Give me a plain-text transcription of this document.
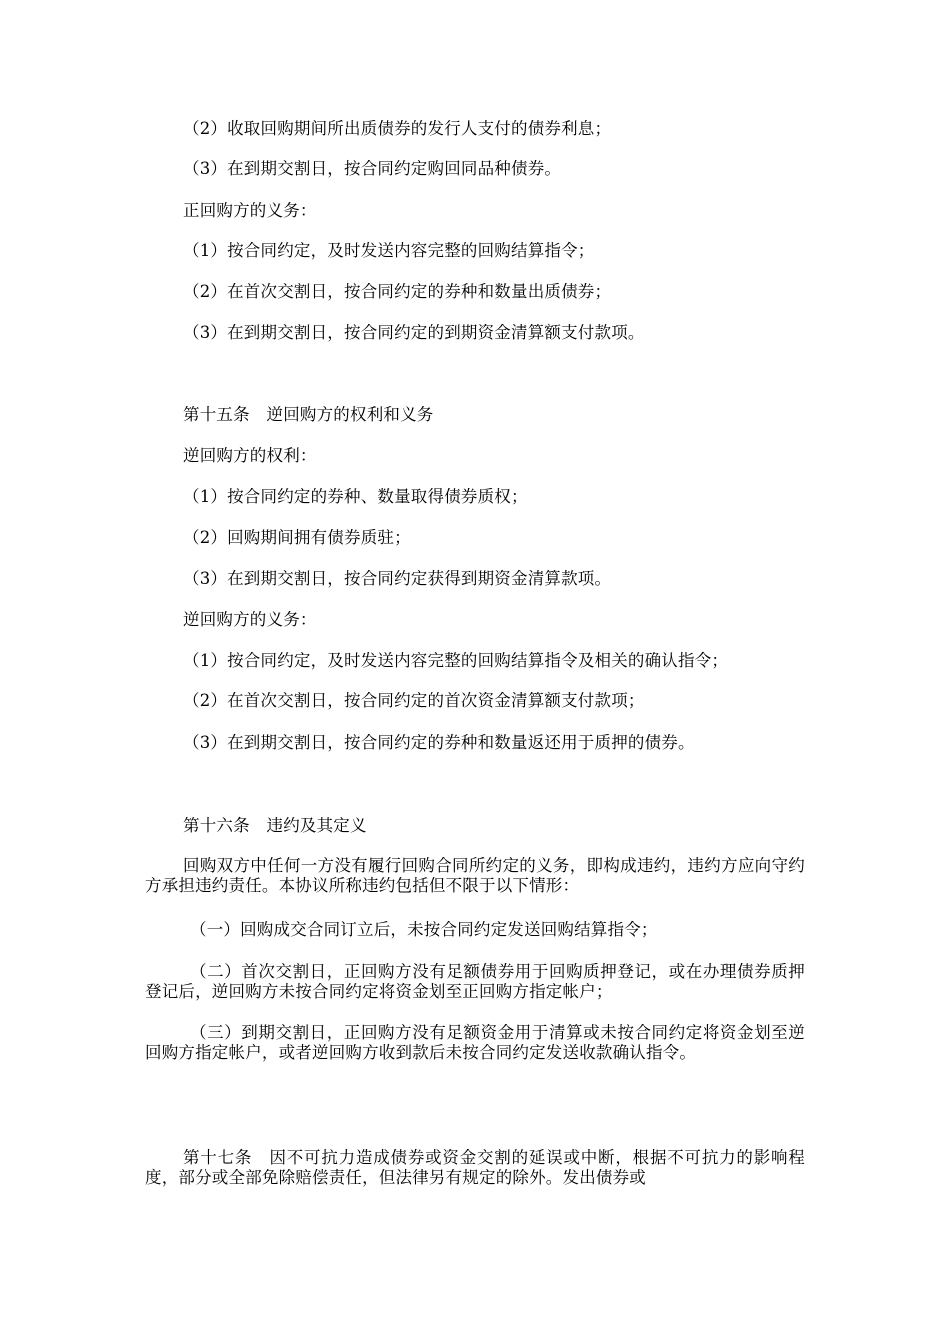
（2）收取回购期间所出质债券的发行人支付的债券利息；
（3）在到期交割日，按合同约定购回同品种债券。
正回购方的义务：
（1）按合同约定，及时发送内容完整的回购结算指令；
（2）在首次交割日，按合同约定的券种和数量出质债券；
（3）在到期交割日，按合同约定的到期资金清算额支付款项。
第十五条　逆回购方的权利和义务
逆回购方的权利：
（1）按合同约定的券种、数量取得债券质权；
（2）回购期间拥有债券质驻；
（3）在到期交割日，按合同约定获得到期资金清算款项。
逆回购方的义务：
（1）按合同约定，及时发送内容完整的回购结算指令及相关的确认指令；
（2）在首次交割日，按合同约定的首次资金清算额支付款项；
（3）在到期交割日，按合同约定的券种和数量返还用于质押的债券。
第十六条　违约及其定义
回购双方中任何一方没有履行回购合同所约定的义务，即构成违约，违约方应向守约方承担违约责任。本协议所称违约包括但不限于以下情形：
（一）回购成交合同订立后，未按合同约定发送回购结算指令；
（二）首次交割日，正回购方没有足额债券用于回购质押登记，或在办理债券质押登记后，逆回购方未按合同约定将资金划至正回购方指定帐户；
（三）到期交割日，正回购方没有足额资金用于清算或未按合同约定将资金划至逆回购方指定帐户，或者逆回购方收到款后未按合同约定发送收款确认指令。
第十七条　因不可抗力造成债券或资金交割的延误或中断，根据不可抗力的影响程度，部分或全部免除赔偿责任，但法律另有规定的除外。发出债券或
